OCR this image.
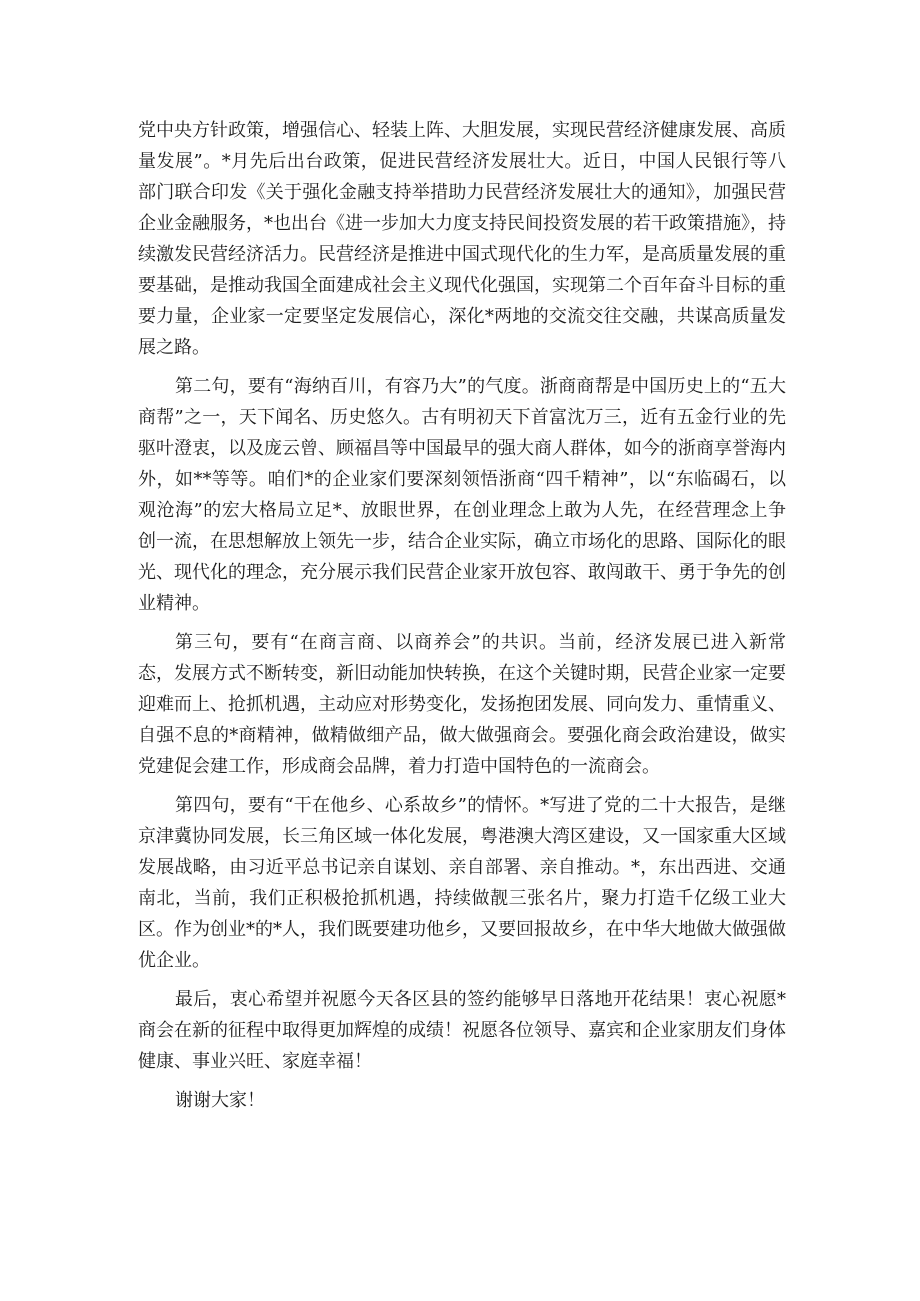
党中央方针政策，增强信心、轻装上阵、大胆发展，实现民营经济健康发展、高质量发展”。*月先后出台政策，促进民营经济发展壮大。近日，中国人民银行等八部门联合印发《关于强化金融支持举措助力民营经济发展壮大的通知》，加强民营企业金融服务，*也出台《进一步加大力度支持民间投资发展的若干政策措施》，持续激发民营经济活力。民营经济是推进中国式现代化的生力军，是高质量发展的重要基础，是推动我国全面建成社会主义现代化强国，实现第二个百年奋斗目标的重要力量，企业家一定要坚定发展信心，深化*两地的交流交往交融，共谋高质量发展之路。

第二句，要有“海纳百川，有容乃大”的气度。浙商商帮是中国历史上的“五大商帮”之一，天下闻名、历史悠久。古有明初天下首富沈万三，近有五金行业的先驱叶澄衷，以及庞云曾、顾福昌等中国最早的强大商人群体，如今的浙商享誉海内外，如**等等。咱们*的企业家们要深刻领悟浙商“四千精神”，以“东临碣石，以观沧海”的宏大格局立足*、放眼世界，在创业理念上敢为人先，在经营理念上争创一流，在思想解放上领先一步，结合企业实际，确立市场化的思路、国际化的眼光、现代化的理念，充分展示我们民营企业家开放包容、敢闯敢干、勇于争先的创业精神。

第三句，要有“在商言商、以商养会”的共识。当前，经济发展已进入新常态，发展方式不断转变，新旧动能加快转换，在这个关键时期，民营企业家一定要迎难而上、抢抓机遇，主动应对形势变化，发扬抱团发展、同向发力、重情重义、自强不息的*商精神，做精做细产品，做大做强商会。要强化商会政治建设，做实党建促会建工作，形成商会品牌，着力打造中国特色的一流商会。

第四句，要有“干在他乡、心系故乡”的情怀。*写进了党的二十大报告，是继京津冀协同发展，长三角区域一体化发展，粤港澳大湾区建设，又一国家重大区域发展战略，由习近平总书记亲自谋划、亲自部署、亲自推动。*，东出西进、交通南北，当前，我们正积极抢抓机遇，持续做靓三张名片，聚力打造千亿级工业大区。作为创业*的*人，我们既要建功他乡，又要回报故乡，在中华大地做大做强做优企业。

最后，衷心希望并祝愿今天各区县的签约能够早日落地开花结果！衷心祝愿*商会在新的征程中取得更加辉煌的成绩！祝愿各位领导、嘉宾和企业家朋友们身体健康、事业兴旺、家庭幸福！

谢谢大家！
